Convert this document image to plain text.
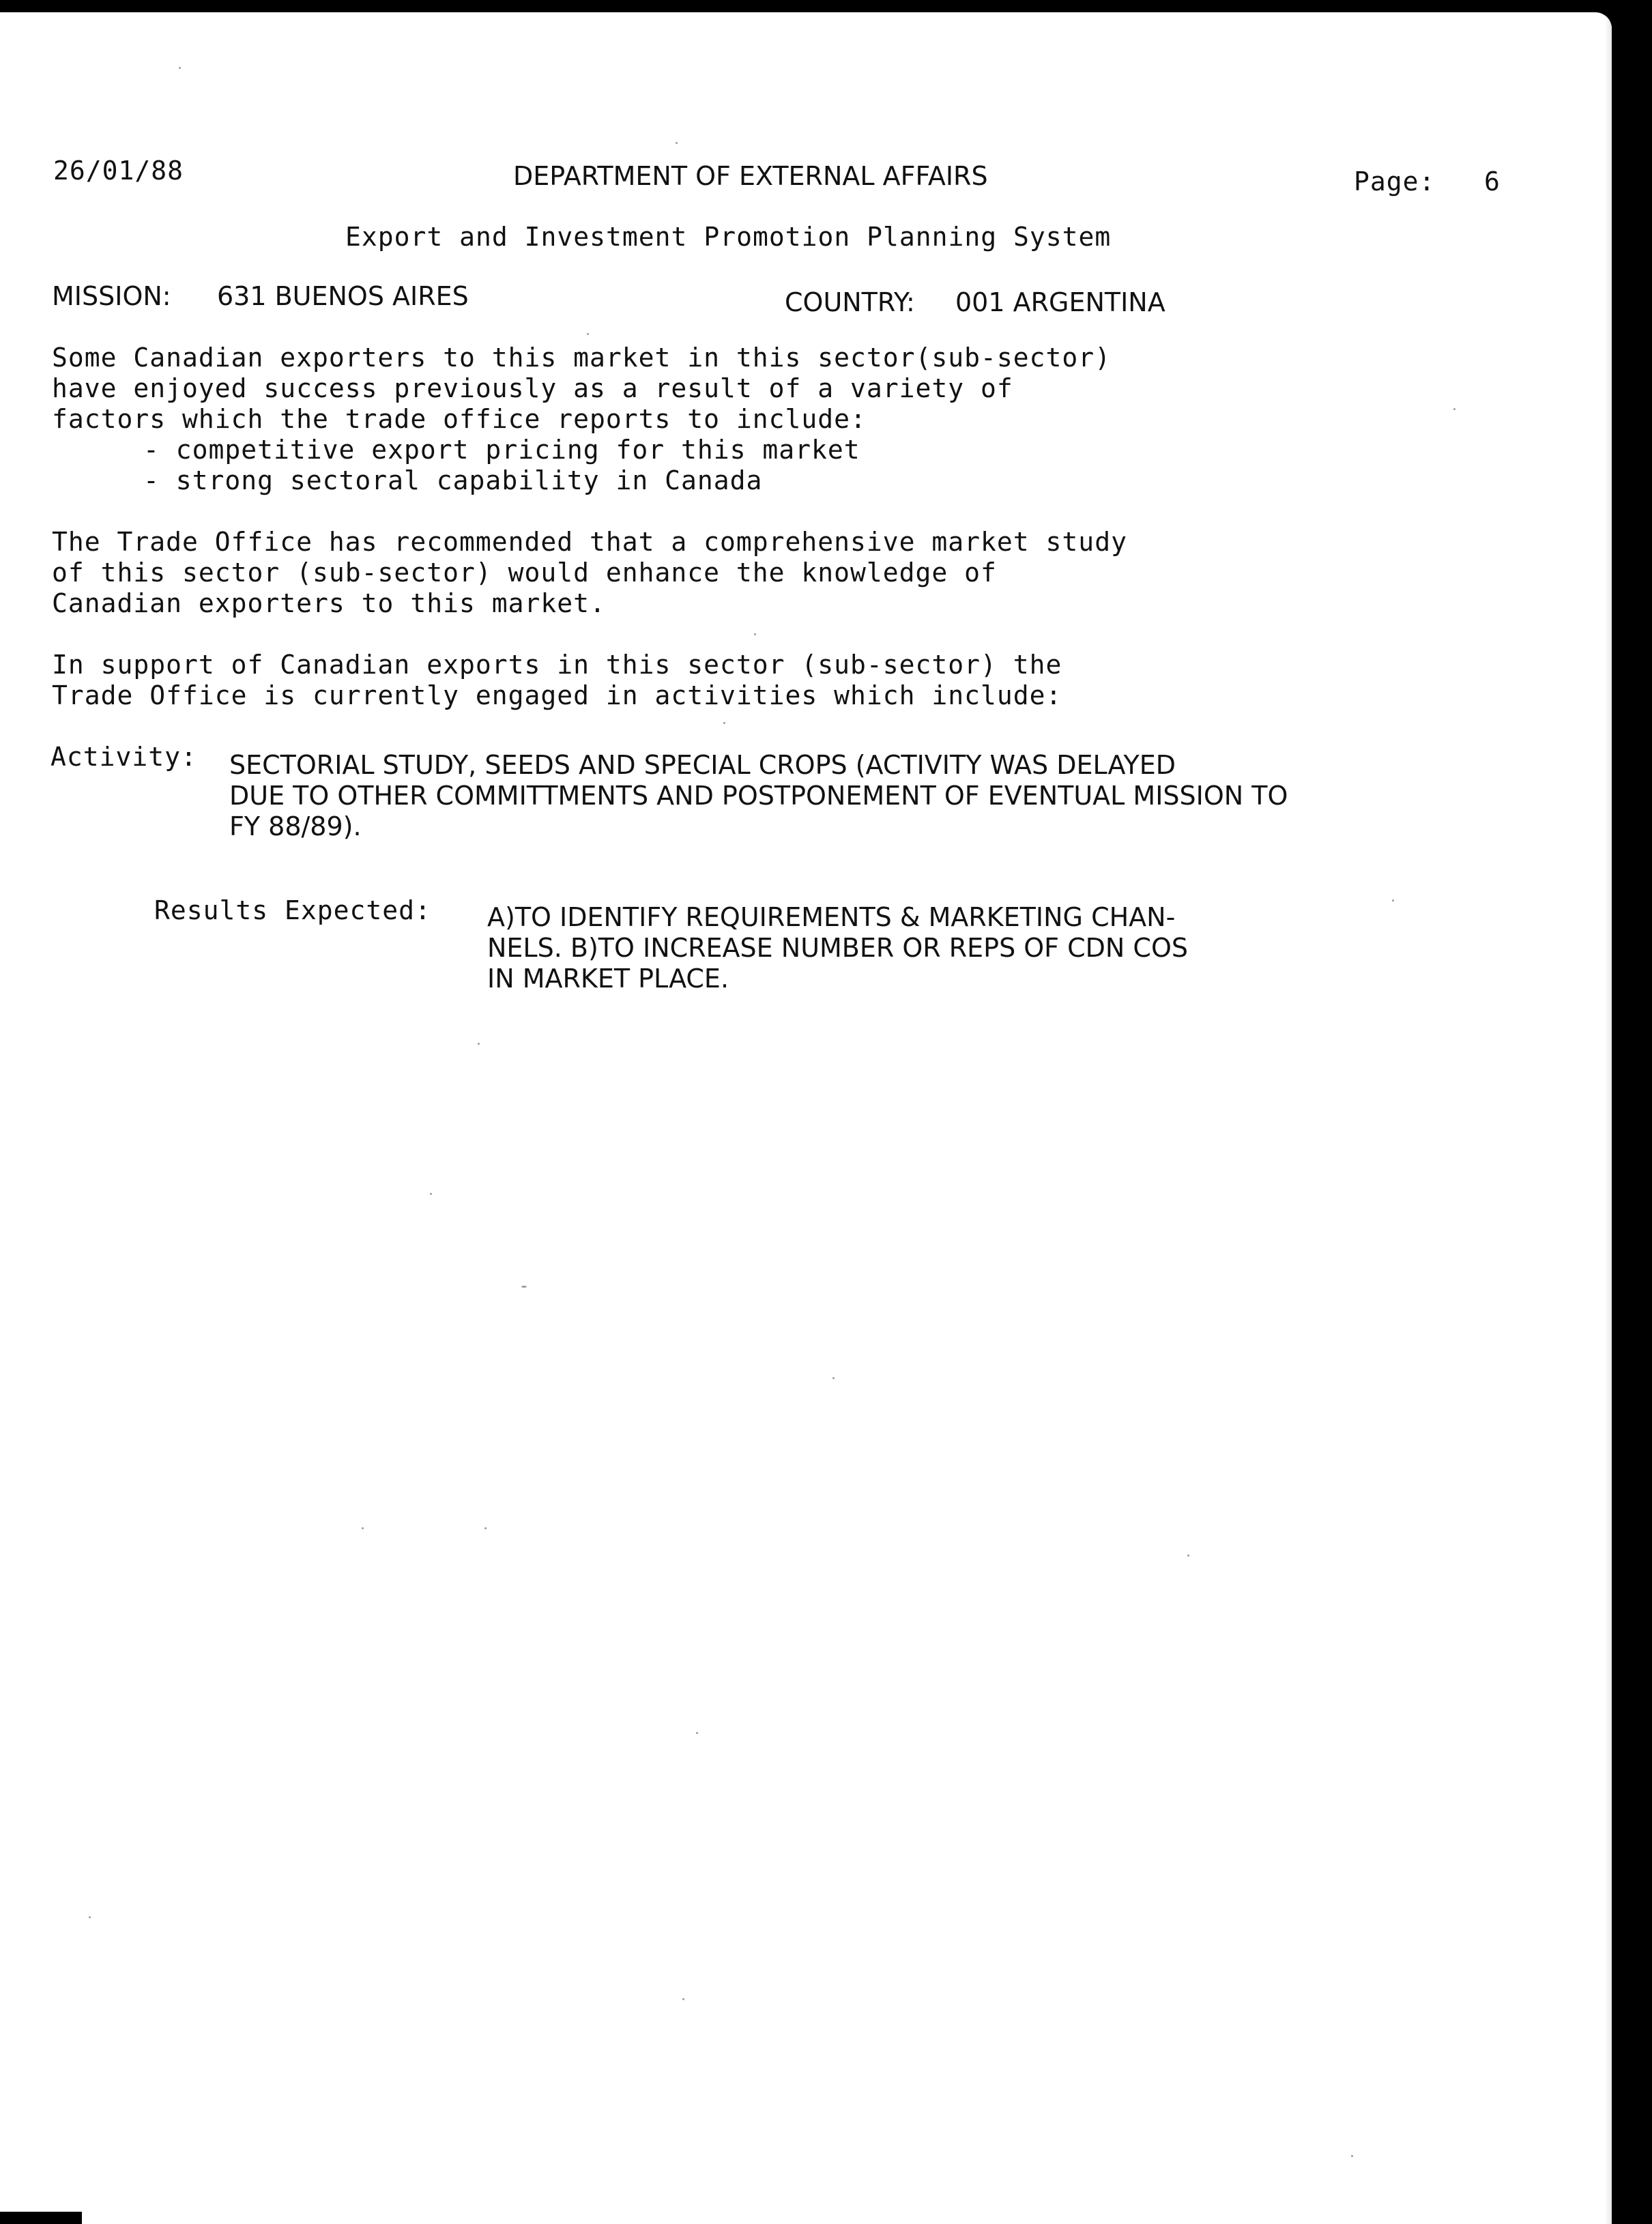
26/01/88	DEPARTMENT OF EXTERNAL AFFAIRS	Page: 6
Export and Investment Promotion Planning System
MISSION: 631 BUENOS AIRES	COUNTRY: 001 ARGENTINA
Some Canadian exporters to this market in this sector(sub-sector)
have enjoyed success previously as a result of a variety of
factors which the trade office reports to include:
- competitive export pricing for this market
- strong sectoral capability in Canada
The Trade Office has recommended that a comprehensive market study
of this sector (sub-sector) would enhance the knowledge of
Canadian exporters to this market.
In support of Canadian exports in this sector (sub-sector) the
Trade Office is currently engaged in activities which include:
Activity: SECTORIAL STUDY, SEEDS AND SPECIAL CROPS (ACTIVITY WAS DELAYED
DUE TO OTHER COMMITTMENTS AND POSTPONEMENT OF EVENTUAL MISSION TO
FY 88/89).
Results Expected: A)TO IDENTIFY REQUIREMENTS & MARKETING CHAN-
NELS. B)TO INCREASE NUMBER OR REPS OF CDN COS
IN MARKET PLACE.
